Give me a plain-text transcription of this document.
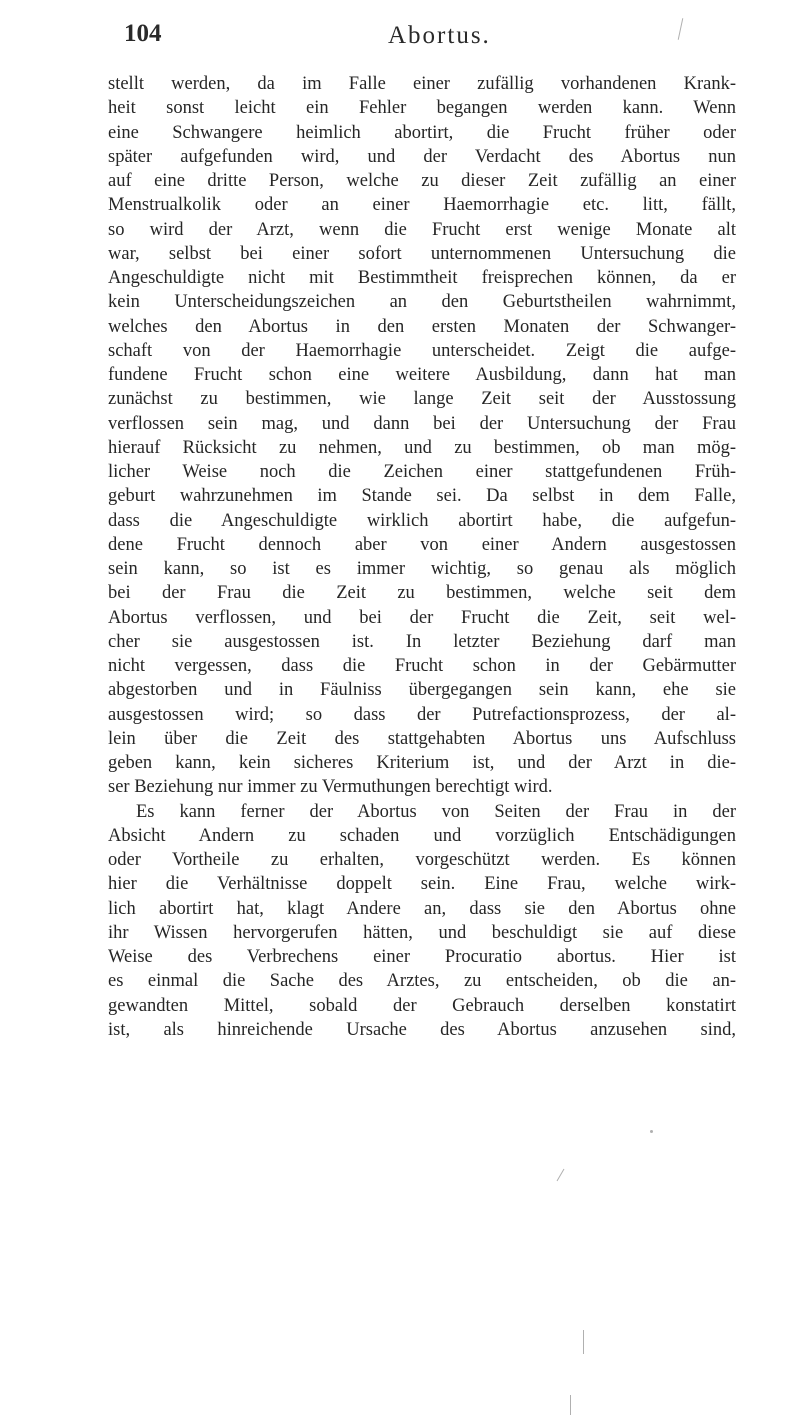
104	Abortus.
stellt werden, da im Falle einer zufällig vorhandenen Krank-
heit sonst leicht ein Fehler begangen werden kann. Wenn
eine Schwangere heimlich abortirt, die Frucht früher oder
später aufgefunden wird, und der Verdacht des Abortus nun
auf eine dritte Person, welche zu dieser Zeit zufällig an einer
Menstrualkolik oder an einer Haemorrhagie etc. litt, fällt,
so wird der Arzt, wenn die Frucht erst wenige Monate alt
war, selbst bei einer sofort unternommenen Untersuchung die
Angeschuldigte nicht mit Bestimmtheit freisprechen können, da er
kein Unterscheidungszeichen an den Geburtstheilen wahrnimmt,
welches den Abortus in den ersten Monaten der Schwanger-
schaft von der Haemorrhagie unterscheidet. Zeigt die aufge-
fundene Frucht schon eine weitere Ausbildung, dann hat man
zunächst zu bestimmen, wie lange Zeit seit der Ausstossung
verflossen sein mag, und dann bei der Untersuchung der Frau
hierauf Rücksicht zu nehmen, und zu bestimmen, ob man mög-
licher Weise noch die Zeichen einer stattgefundenen Früh-
geburt wahrzunehmen im Stande sei. Da selbst in dem Falle,
dass die Angeschuldigte wirklich abortirt habe, die aufgefun-
dene Frucht dennoch aber von einer Andern ausgestossen
sein kann, so ist es immer wichtig, so genau als möglich
bei der Frau die Zeit zu bestimmen, welche seit dem
Abortus verflossen, und bei der Frucht die Zeit, seit wel-
cher sie ausgestossen ist. In letzter Beziehung darf man
nicht vergessen, dass die Frucht schon in der Gebärmutter
abgestorben und in Fäulniss übergegangen sein kann, ehe sie
ausgestossen wird; so dass der Putrefactionsprozess, der al-
lein über die Zeit des stattgehabten Abortus uns Aufschluss
geben kann, kein sicheres Kriterium ist, und der Arzt in die-
ser Beziehung nur immer zu Vermuthungen berechtigt wird.
Es kann ferner der Abortus von Seiten der Frau in der
Absicht Andern zu schaden und vorzüglich Entschädigungen
oder Vortheile zu erhalten, vorgeschützt werden. Es können
hier die Verhältnisse doppelt sein. Eine Frau, welche wirk-
lich abortirt hat, klagt Andere an, dass sie den Abortus ohne
ihr Wissen hervorgerufen hätten, und beschuldigt sie auf diese
Weise des Verbrechens einer Procuratio abortus. Hier ist
es einmal die Sache des Arztes, zu entscheiden, ob die an-
gewandten Mittel, sobald der Gebrauch derselben konstatirt
ist, als hinreichende Ursache des Abortus anzusehen sind,
